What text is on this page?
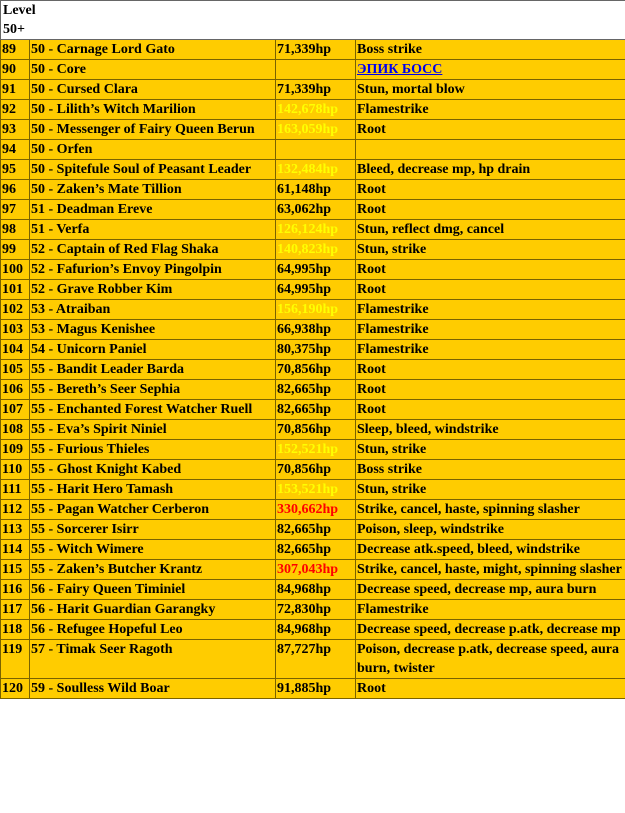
Level
50+			

89	50 - Carnage Lord Gato	71,339hp	Boss strike
90	50 - Core		ЭПИК БОСС
91	50 - Cursed Clara	71,339hp	Stun, mortal blow
92	50 - Lilith’s Witch Marilion	142,678hp	Flamestrike
93	50 - Messenger of Fairy Queen Berun	163,059hp	Root
94	50 - Orfen		
95	50 - Spitefule Soul of Peasant Leader	132,484hp	Bleed, decrease mp, hp drain
96	50 - Zaken’s Mate Tillion	61,148hp	Root
97	51 - Deadman Ereve	63,062hp	Root
98	51 - Verfa	126,124hp	Stun, reflect dmg, cancel
99	52 - Captain of Red Flag Shaka	140,823hp	Stun, strike
100	52 - Fafurion’s Envoy Pingolpin	64,995hp	Root
101	52 - Grave Robber Kim	64,995hp	Root
102	53 - Atraiban	156,190hp	Flamestrike
103	53 - Magus Kenishee	66,938hp	Flamestrike
104	54 - Unicorn Paniel	80,375hp	Flamestrike
105	55 - Bandit Leader Barda	70,856hp	Root
106	55 - Bereth’s Seer Sephia	82,665hp	Root
107	55 - Enchanted Forest Watcher Ruell	82,665hp	Root
108	55 - Eva’s Spirit Niniel	70,856hp	Sleep, bleed, windstrike
109	55 - Furious Thieles	152,521hp	Stun, strike
110	55 - Ghost Knight Kabed	70,856hp	Boss strike
111	55 - Harit Hero Tamash	153,521hp	Stun, strike
112	55 - Pagan Watcher Cerberon	330,662hp	Strike, cancel, haste, spinning slasher
113	55 - Sorcerer Isirr	82,665hp	Poison, sleep, windstrike
114	55 - Witch Wimere	82,665hp	Decrease atk.speed, bleed, windstrike
115	55 - Zaken’s Butcher Krantz	307,043hp	Strike, cancel, haste, might, spinning slasher
116	56 - Fairy Queen Timiniel	84,968hp	Decrease speed, decrease mp, aura burn
117	56 - Harit Guardian Garangky	72,830hp	Flamestrike
118	56 - Refugee Hopeful Leo	84,968hp	Decrease speed, decrease p.atk, decrease mp
119	57 - Timak Seer Ragoth	87,727hp	Poison, decrease p.atk, decrease speed, aura burn, twister
120	59 - Soulless Wild Boar	91,885hp	Root
